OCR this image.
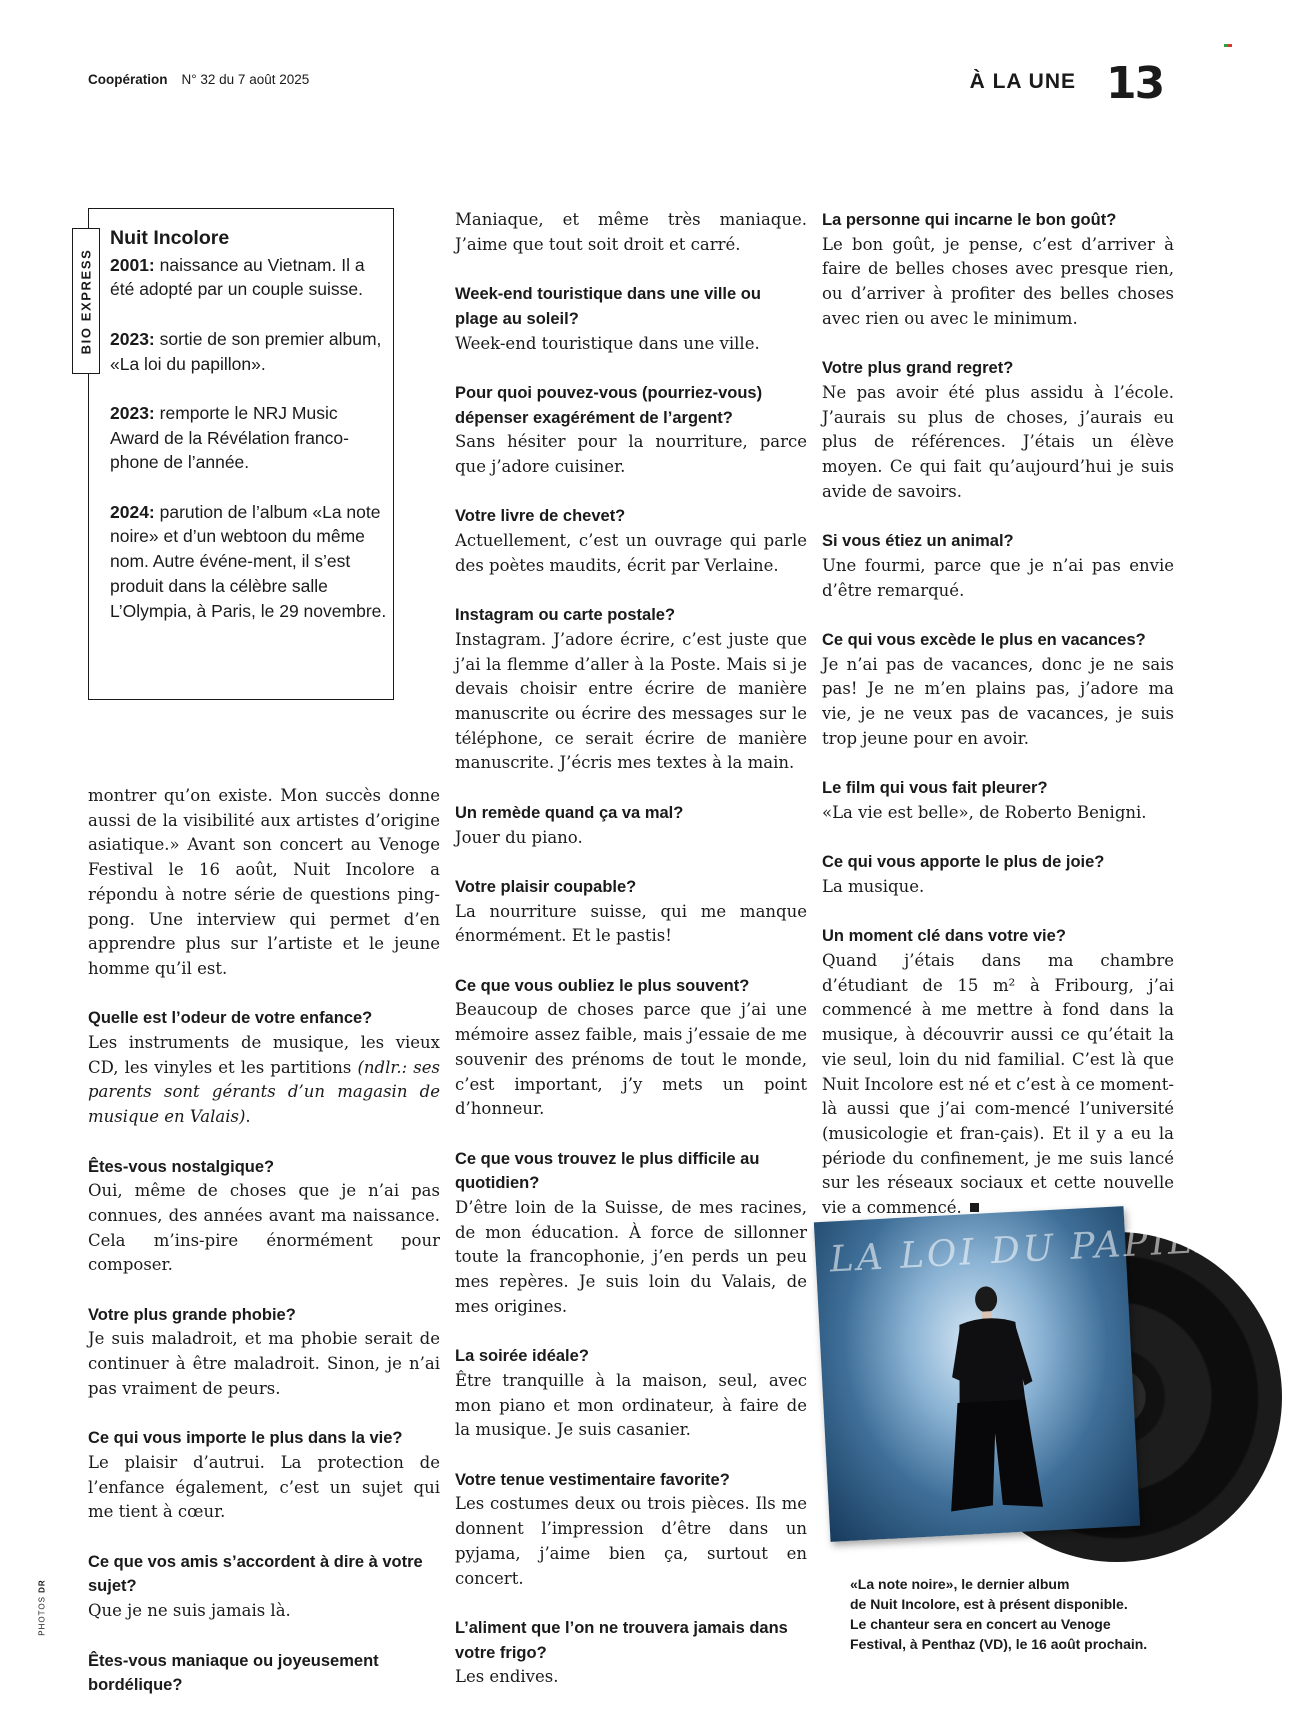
Coopération N° 32 du 7 août 2025	À LA UNE 13
BIO EXPRESS

Nuit Incolore

2001: naissance au Vietnam. Il a été adopté par un couple suisse.

2023: sortie de son premier album, «La loi du papillon».

2023: remporte le NRJ Music Award de la Révélation franco-phone de l’année.

2024: parution de l’album «La note noire» et d’un webtoon du même nom. Autre événe-ment, il s’est produit dans la célèbre salle L’Olympia, à Paris, le 29 novembre.

montrer qu’on existe. Mon succès donne aussi de la visibilité aux artistes d’origine asiatique.» Avant son concert au Venoge Festival le 16 août, Nuit Incolore a répondu à notre série de questions ping-pong. Une interview qui permet d’en apprendre plus sur l’artiste et le jeune homme qu’il est.

Quelle est l’odeur de votre enfance?

Les instruments de musique, les vieux CD, les vinyles et les partitions (ndlr.: ses parents sont gérants d’un magasin de musique en Valais).

Êtes-vous nostalgique?

Oui, même de choses que je n’ai pas connues, des années avant ma naissance. Cela m’ins-pire énormément pour composer.

Votre plus grande phobie?

Je suis maladroit, et ma phobie serait de continuer à être maladroit. Sinon, je n’ai pas vraiment de peurs.

Ce qui vous importe le plus dans la vie?

Le plaisir d’autrui. La protection de l’enfance également, c’est un sujet qui me tient à cœur.

Ce que vos amis s’accordent à dire à votre sujet?

Que je ne suis jamais là.

Êtes-vous maniaque ou joyeusement bordélique?

Maniaque, et même très maniaque. J’aime que tout soit droit et carré.

Week-end touristique dans une ville ou plage au soleil?

Week-end touristique dans une ville.

Pour quoi pouvez-vous (pourriez-vous) dépenser exagérément de l’argent?

Sans hésiter pour la nourriture, parce que j’adore cuisiner.

Votre livre de chevet?

Actuellement, c’est un ouvrage qui parle des poètes maudits, écrit par Verlaine.

Instagram ou carte postale?

Instagram. J’adore écrire, c’est juste que j’ai la flemme d’aller à la Poste. Mais si je devais choisir entre écrire de manière manuscrite ou écrire des messages sur le téléphone, ce serait écrire de manière manuscrite. J’écris mes textes à la main.

Un remède quand ça va mal?

Jouer du piano.

Votre plaisir coupable?

La nourriture suisse, qui me manque énormément. Et le pastis!

Ce que vous oubliez le plus souvent?

Beaucoup de choses parce que j’ai une mémoire assez faible, mais j’essaie de me souvenir des prénoms de tout le monde, c’est important, j’y mets un point d’honneur.

Ce que vous trouvez le plus difficile au quotidien?

D’être loin de la Suisse, de mes racines, de mon éducation. À force de sillonner toute la francophonie, j’en perds un peu mes repères. Je suis loin du Valais, de mes origines.

La soirée idéale?

Être tranquille à la maison, seul, avec mon piano et mon ordinateur, à faire de la musique. Je suis casanier.

Votre tenue vestimentaire favorite?

Les costumes deux ou trois pièces. Ils me donnent l’impression d’être dans un pyjama, j’aime bien ça, surtout en concert.

L’aliment que l’on ne trouvera jamais dans votre frigo?

Les endives.

La personne qui incarne le bon goût?

Le bon goût, je pense, c’est d’arriver à faire de belles choses avec presque rien, ou d’arriver à profiter des belles choses avec rien ou avec le minimum.

Votre plus grand regret?

Ne pas avoir été plus assidu à l’école. J’aurais su plus de choses, j’aurais eu plus de références. J’étais un élève moyen. Ce qui fait qu’aujourd’hui je suis avide de savoirs.

Si vous étiez un animal?

Une fourmi, parce que je n’ai pas envie d’être remarqué.

Ce qui vous excède le plus en vacances?

Je n’ai pas de vacances, donc je ne sais pas! Je ne m’en plains pas, j’adore ma vie, je ne veux pas de vacances, je suis trop jeune pour en avoir.

Le film qui vous fait pleurer?

«La vie est belle», de Roberto Benigni.

Ce qui vous apporte le plus de joie?

La musique.

Un moment clé dans votre vie?

Quand j’étais dans ma chambre d’étudiant de 15 m² à Fribourg, j’ai commencé à me mettre à fond dans la musique, à découvrir aussi ce qu’était la vie seul, loin du nid familial. C’est là que Nuit Incolore est né et c’est à ce moment-là aussi que j’ai com-mencé l’université (musicologie et fran-çais). Et il y a eu la période du confinement, je me suis lancé sur les réseaux sociaux et cette nouvelle vie a commencé.

LA LOI DU PAPILLON

«La note noire», le dernier album

de Nuit Incolore, est à présent disponible.

Le chanteur sera en concert au Venoge

Festival, à Penthaz (VD), le 16 août prochain.

PHOTOS DR
